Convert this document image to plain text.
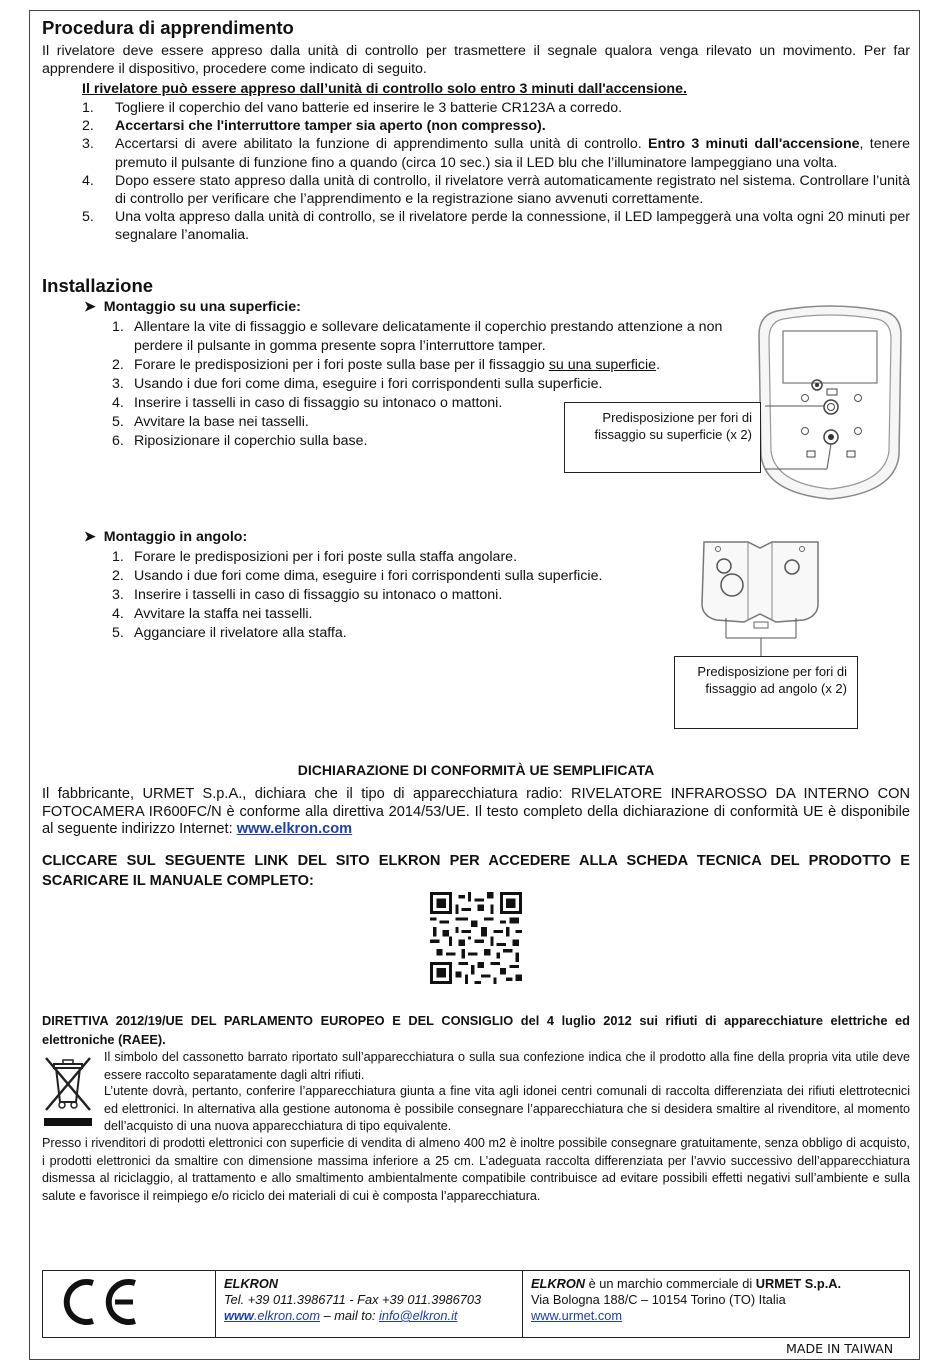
Procedura di apprendimento
Il rivelatore deve essere appreso dalla unità di controllo per trasmettere il segnale qualora venga rilevato un movimento. Per far apprendere il dispositivo, procedere come indicato di seguito.
Il rivelatore può essere appreso dall’unità di controllo solo entro 3 minuti dall'accensione.
1. Togliere il coperchio del vano batterie ed inserire le 3 batterie CR123A a corredo.
2. Accertarsi che l'interruttore tamper sia aperto (non compresso).
3. Accertarsi di avere abilitato la funzione di apprendimento sulla unità di controllo. Entro 3 minuti dall'accensione, tenere premuto il pulsante di funzione fino a quando (circa 10 sec.) sia il LED blu che l’illuminatore lampeggiano una volta.
4. Dopo essere stato appreso dalla unità di controllo, il rivelatore verrà automaticamente registrato nel sistema. Controllare l’unità di controllo per verificare che l’apprendimento e la registrazione siano avvenuti correttamente.
5. Una volta appreso dalla unità di controllo, se il rivelatore perde la connessione, il LED lampeggerà una volta ogni 20 minuti per segnalare l’anomalia.
Installazione
➤ Montaggio su una superficie:
1. Allentare la vite di fissaggio e sollevare delicatamente il coperchio prestando attenzione a non perdere il pulsante in gomma presente sopra l’interruttore tamper.
2. Forare le predisposizioni per i fori poste sulla base per il fissaggio su una superficie.
3. Usando i due fori come dima, eseguire i fori corrispondenti sulla superficie.
4. Inserire i tasselli in caso di fissaggio su intonaco o mattoni.
5. Avvitare la base nei tasselli.
6. Riposizionare il coperchio sulla base.
Predisposizione per fori di fissaggio su superficie (x 2)
➤ Montaggio in angolo:
1. Forare le predisposizioni per i fori poste sulla staffa angolare.
2. Usando i due fori come dima, eseguire i fori corrispondenti sulla superficie.
3. Inserire i tasselli in caso di fissaggio su intonaco o mattoni.
4. Avvitare la staffa nei tasselli.
5. Agganciare il rivelatore alla staffa.
Predisposizione per fori di fissaggio ad angolo (x 2)
DICHIARAZIONE DI CONFORMITÀ UE SEMPLIFICATA
Il fabbricante, URMET S.p.A., dichiara che il tipo di apparecchiatura radio: RIVELATORE INFRAROSSO DA INTERNO CON FOTOCAMERA IR600FC/N è conforme alla direttiva 2014/53/UE. Il testo completo della dichiarazione di conformità UE è disponibile al seguente indirizzo Internet: www.elkron.com
CLICCARE SUL SEGUENTE LINK DEL SITO ELKRON PER ACCEDERE ALLA SCHEDA TECNICA DEL PRODOTTO E SCARICARE IL MANUALE COMPLETO:
DIRETTIVA 2012/19/UE DEL PARLAMENTO EUROPEO E DEL CONSIGLIO del 4 luglio 2012 sui rifiuti di apparecchiature elettriche ed elettroniche (RAEE).
Il simbolo del cassonetto barrato riportato sull’apparecchiatura o sulla sua confezione indica che il prodotto alla fine della propria vita utile deve essere raccolto separatamente dagli altri rifiuti.
L’utente dovrà, pertanto, conferire l’apparecchiatura giunta a fine vita agli idonei centri comunali di raccolta differenziata dei rifiuti elettrotecnici ed elettronici. In alternativa alla gestione autonoma è possibile consegnare l’apparecchiatura che si desidera smaltire al rivenditore, al momento dell’acquisto di una nuova apparecchiatura di tipo equivalente.
Presso i rivenditori di prodotti elettronici con superficie di vendita di almeno 400 m2 è inoltre possibile consegnare gratuitamente, senza obbligo di acquisto, i prodotti elettronici da smaltire con dimensione massima inferiore a 25 cm. L’adeguata raccolta differenziata per l’avvio successivo dell’apparecchiatura dismessa al riciclaggio, al trattamento e allo smaltimento ambientalmente compatibile contribuisce ad evitare possibili effetti negativi sull’ambiente e sulla salute e favorisce il reimpiego e/o riciclo dei materiali di cui è composta l’apparecchiatura.

ELKRON
Tel. +39 011.3986711 - Fax +39 011.3986703
www.elkron.com – mail to: info@elkron.it

ELKRON è un marchio commerciale di URMET S.p.A.
Via Bologna 188/C – 10154 Torino (TO) Italia
www.urmet.com
MADE IN TAIWAN
